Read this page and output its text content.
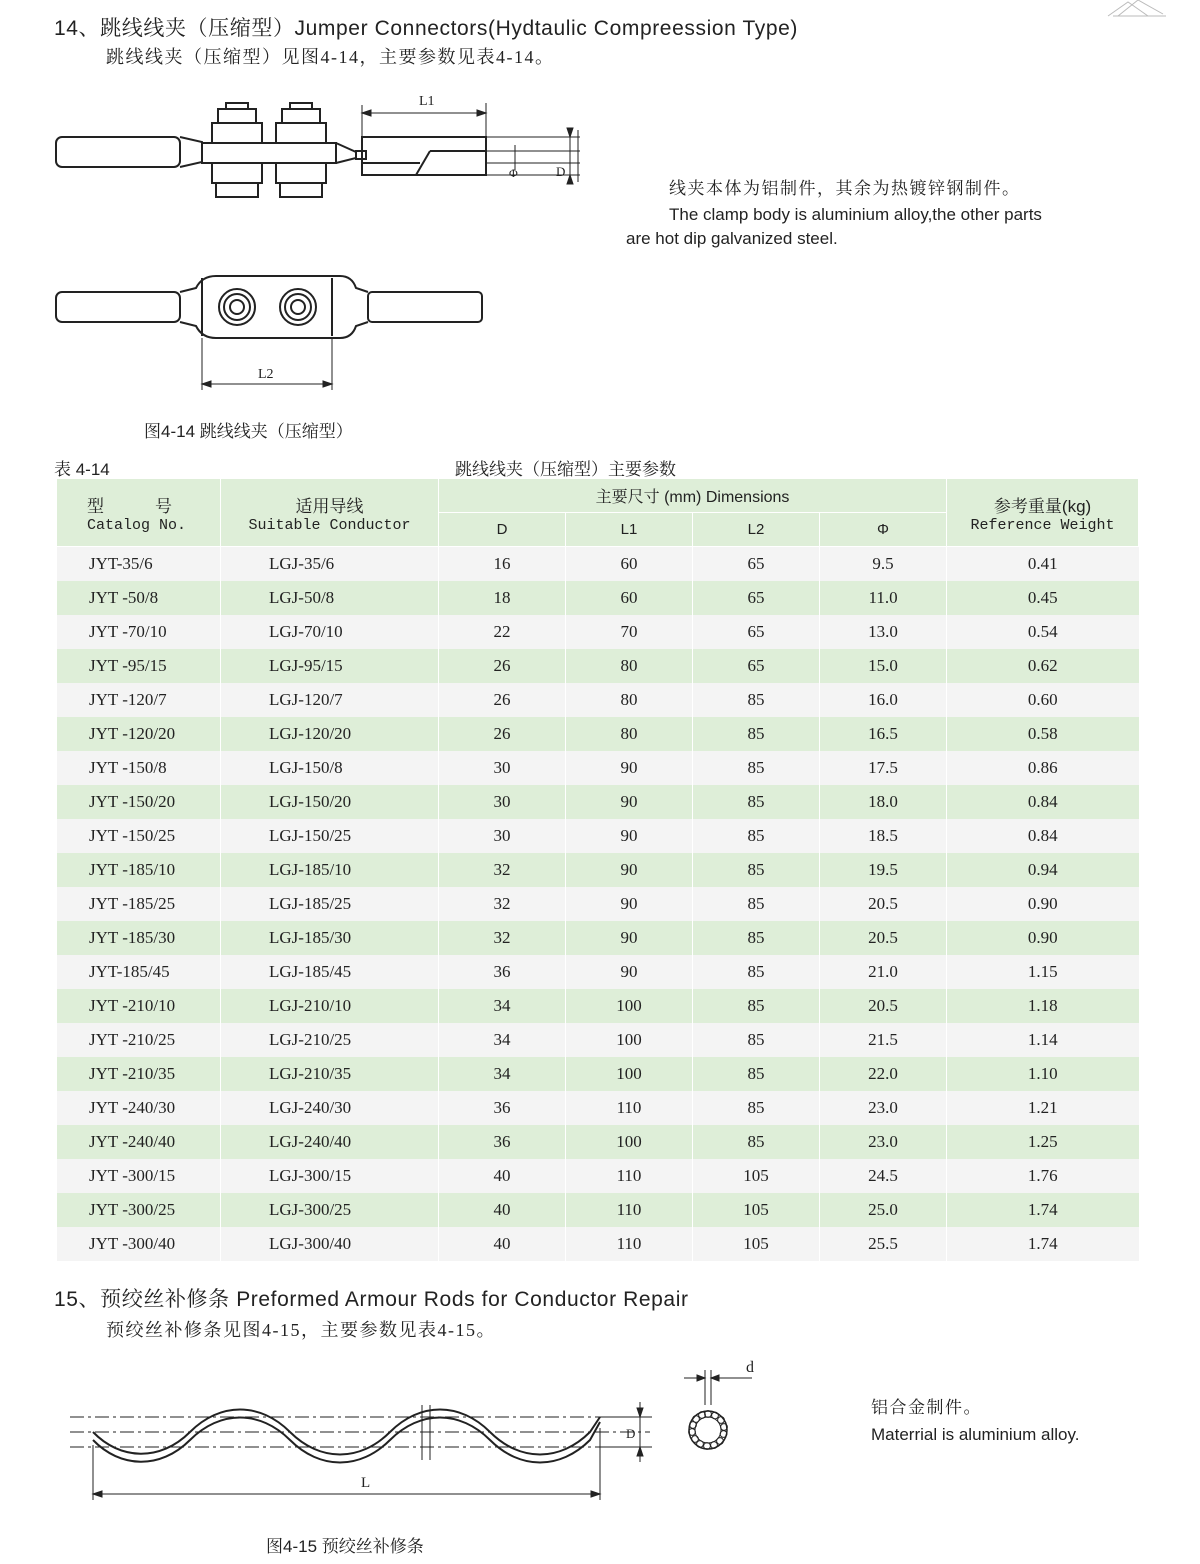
14、跳线线夹（压缩型）Jumper Connectors(Hydtaulic Compreession Type)
跳线线夹（压缩型）见图4-14，主要参数见表4-14。
L1
Φ	D
L2
线夹本体为铝制件，其余为热镀锌钢制件。
The clamp body is aluminium alloy,the other parts
are hot dip galvanized steel.
图4-14 跳线线夹（压缩型）
表 4-14	跳线线夹（压缩型）主要参数
型　　　号
Catalog No.	适用导线
Suitable Conductor	主要尺寸 (mm) Dimensions				参考重量(kg)
Reference Weight

		D	L1	L2	Φ	
JYT-35/6	LGJ-35/6	16	60	65	9.5	0.41
JYT -50/8	LGJ-50/8	18	60	65	11.0	0.45
JYT -70/10	LGJ-70/10	22	70	65	13.0	0.54
JYT -95/15	LGJ-95/15	26	80	65	15.0	0.62
JYT -120/7	LGJ-120/7	26	80	85	16.0	0.60
JYT -120/20	LGJ-120/20	26	80	85	16.5	0.58
JYT -150/8	LGJ-150/8	30	90	85	17.5	0.86
JYT -150/20	LGJ-150/20	30	90	85	18.0	0.84
JYT -150/25	LGJ-150/25	30	90	85	18.5	0.84
JYT -185/10	LGJ-185/10	32	90	85	19.5	0.94
JYT -185/25	LGJ-185/25	32	90	85	20.5	0.90
JYT -185/30	LGJ-185/30	32	90	85	20.5	0.90
JYT-185/45	LGJ-185/45	36	90	85	21.0	1.15
JYT -210/10	LGJ-210/10	34	100	85	20.5	1.18
JYT -210/25	LGJ-210/25	34	100	85	21.5	1.14
JYT -210/35	LGJ-210/35	34	100	85	22.0	1.10
JYT -240/30	LGJ-240/30	36	110	85	23.0	1.21
JYT -240/40	LGJ-240/40	36	100	85	23.0	1.25
JYT -300/15	LGJ-300/15	40	110	105	24.5	1.76
JYT -300/25	LGJ-300/25	40	110	105	25.0	1.74
JYT -300/40	LGJ-300/40	40	110	105	25.5	1.74
15、预绞丝补修条 Preformed Armour Rods for Conductor Repair
预绞丝补修条见图4-15，主要参数见表4-15。
L
D
d
铝合金制件。
Materrial is aluminium alloy.
图4-15 预绞丝补修条
